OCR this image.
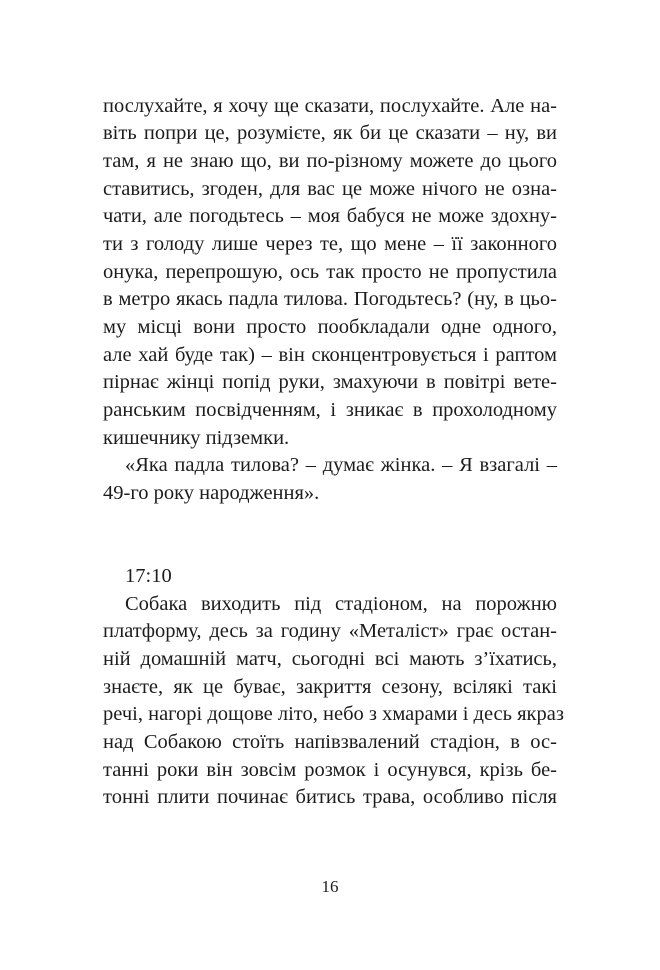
послухайте, я хочу ще сказати, послухайте. Але на-
віть попри це, розумієте, як би це сказати – ну, ви
там, я не знаю що, ви по-різному можете до цього
ставитись, згоден, для вас це може нічого не озна-
чати, але погодьтесь – моя бабуся не може здохну-
ти з голоду лише через те, що мене – її законного
онука, перепрошую, ось так просто не пропустила
в метро якась падла тилова. Погодьтесь? (ну, в цьо-
му місці вони просто пообкладали одне одного,
але хай буде так) – він сконцентровується і раптом
пірнає жінці попід руки, змахуючи в повітрі вете-
ранським посвідченням, і зникає в прохолодному
кишечнику підземки.
«Яка падла тилова? – думає жінка. – Я взагалі –
49-го року народження».
17:10
Собака виходить під стадіоном, на порожню
платформу, десь за годину «Металіст» грає остан-
ній домашній матч, сьогодні всі мають з’їхатись,
знаєте, як це буває, закриття сезону, всілякі такі
речі, нагорі дощове літо, небо з хмарами і десь якраз
над Собакою стоїть напівзвалений стадіон, в ос-
танні роки він зовсім розмок і осунувся, крізь бе-
тонні плити починає битись трава, особливо після
16
